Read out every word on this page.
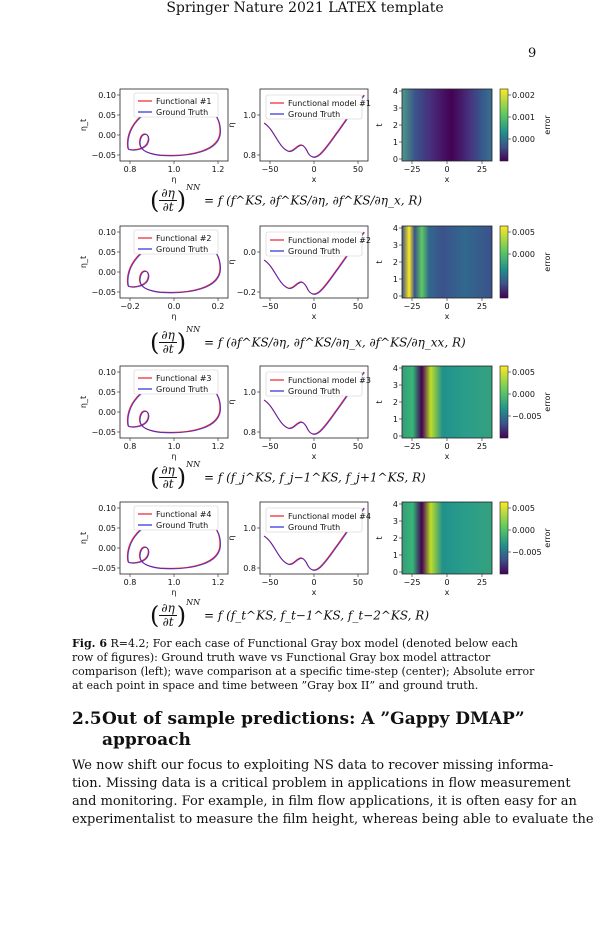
Springer Nature 2021 LATEX template
9
0.10
0.05
0.00
−0.05
0.8	1.0	1.2
η
η_t
Functional #1
Ground Truth	1.0
0.8
−50	0	50
x
η
Functional model #1
Ground Truth
4
3
2
1
0
−25	0	25
x
t
0.002
0.001
0.000
error
( $\frac{\partial\eta}{\partial t} )^{NN} = f$ (f^KS, ∂f^KS/∂η, ∂f^KS/∂η_x, R)
0.10
0.05
0.00
−0.05
−0.2	0.0	0.2
η
η_t
Functional #2
Ground Truth	0.0
−0.2
−50	0	50
x
η
Functional model #2
Ground Truth
4
3
2
1
0
−25	0	25
x
t
0.005
0.000 error
( $\frac{\partial\eta}{\partial t} )^{NN} = f$ (∂f^KS/∂η, ∂f^KS/∂η_x, ∂f^KS/∂η_xx, R)
0.10
0.05
0.00
−0.05
0.8	1.0	1.2
η
η_t
Functional #3
Ground Truth	1.0
0.8
−50	0	50
x
η
Functional model #3
Ground Truth
4
3
2
1
0
−25	0	25
x
t
0.005
0.000
−0.005
error
( $\frac{\partial\eta}{\partial t} )^{NN} = f$ (f_j^KS, f_j−1^KS, f_j+1^KS, R)
0.10
0.05
0.00
−0.05
0.8	1.0	1.2
η
η_t
Functional #4
Ground Truth	1.0
0.8
−50	0	50
x
η
Functional model #4
Ground Truth
4
3
2
1
0
−25	0	25
x
t
0.005
0.000
−0.005
error
( $\frac{\partial\eta}{\partial t} )^{NN} = f$ (f_t^KS, f_t−1^KS, f_t−2^KS, R)
Fig. 6 R=4.2; For each case of Functional Gray box model (denoted below each row of figures): Ground truth wave vs Functional Gray box model attractor comparison (left); wave comparison at a specific time-step (center); Absolute error at each point in space and time between ”Gray box II” and ground truth.
2.5Out of sample predictions: A ”Gappy DMAP”
approach
We now shift our focus to exploiting NS data to recover missing informa-
tion. Missing data is a critical problem in applications in flow measurement
and monitoring. For example, in film flow applications, it is often easy for an
experimentalist to measure the film height, whereas being able to evaluate the
